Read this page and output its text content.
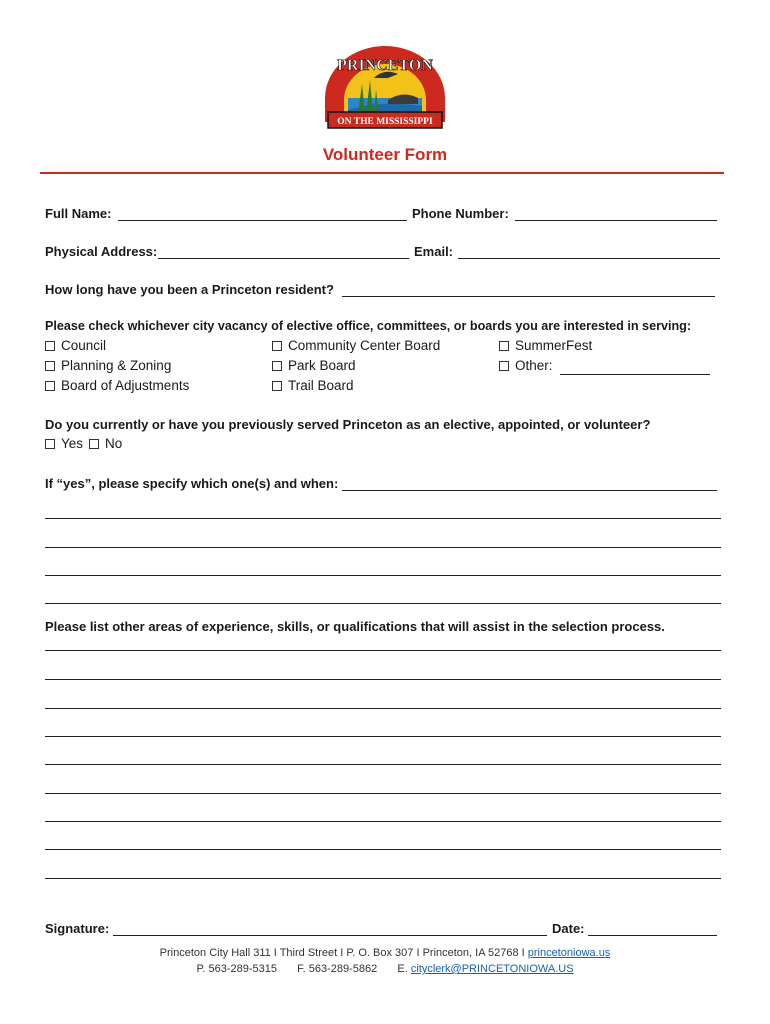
ON THE MISSISSIPPI
PRINCETON
Volunteer Form
Full Name:	Phone Number:
Physical Address:	Email:
How long have you been a Princeton resident?
Please check whichever city vacancy of elective office, committees, or boards you are interested in serving:
Council
Planning & Zoning
Board of Adjustments
Community Center Board
Park Board
Trail Board
SummerFest
Other:
Do you currently or have you previously served Princeton as an elective, appointed, or volunteer?
Yes No
If “yes”, please specify which one(s) and when:
Please list other areas of experience, skills, or qualifications that will assist in the selection process.
Signature:	Date:
Princeton City Hall 311 I Third Street I P. O. Box 307 I Princeton, IA 52768 I princetoniowa.us
P. 563-289-5315 F. 563-289-5862 E. cityclerk@PRINCETONIOWA.US
